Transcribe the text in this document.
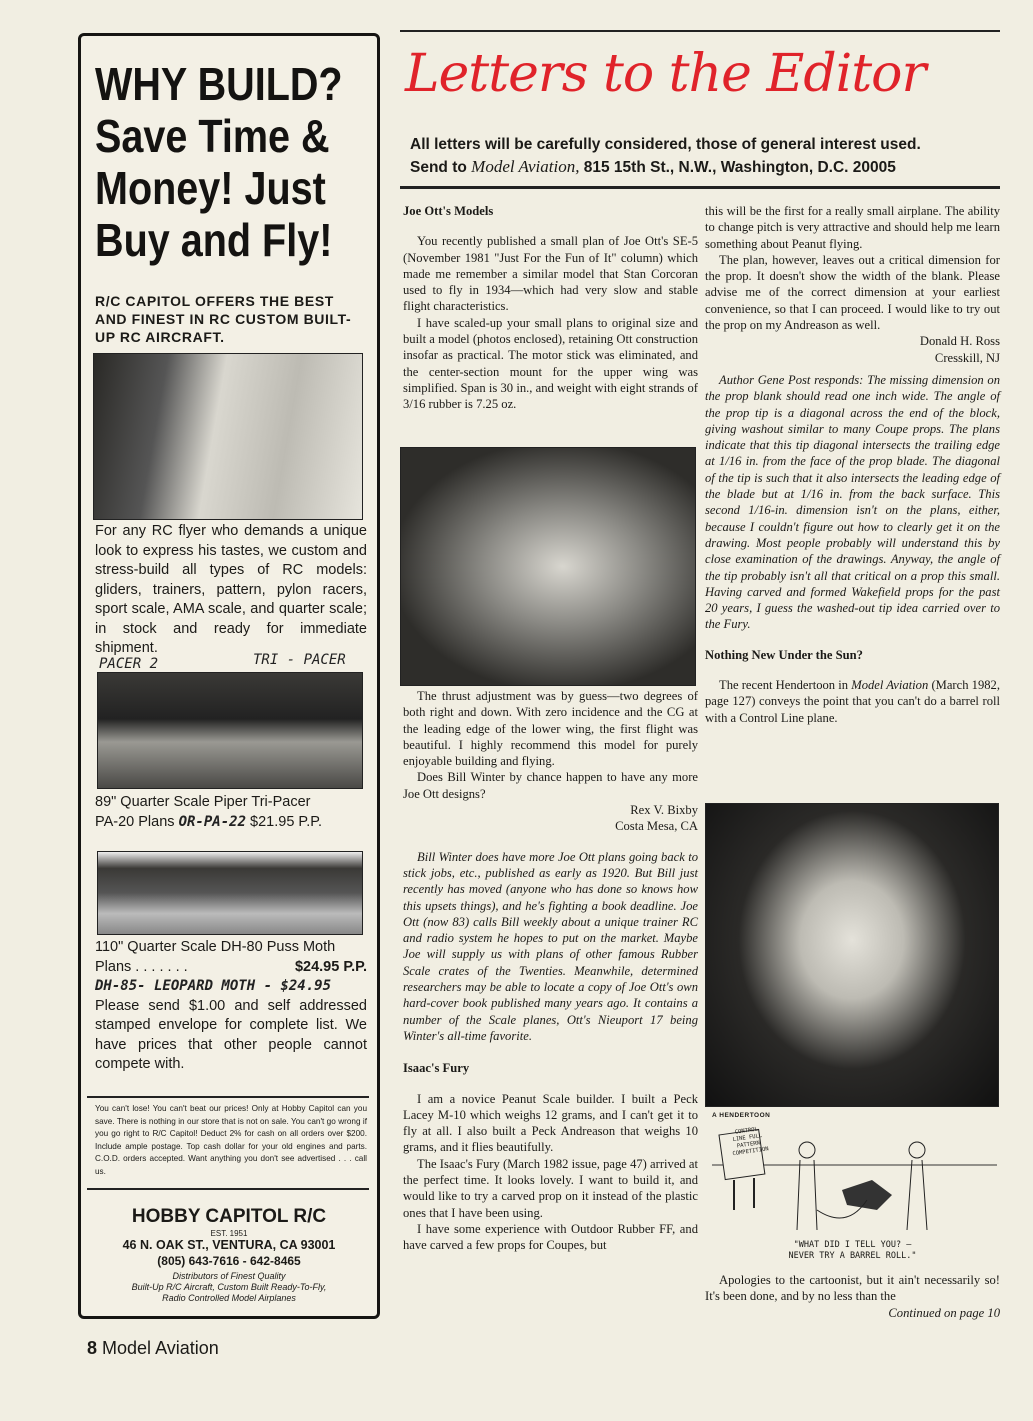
WHY BUILD?
Save Time &
Money! Just
Buy and Fly!
R/C CAPITOL OFFERS THE BEST AND FINEST IN RC CUSTOM BUILT-UP RC AIRCRAFT.
For any RC flyer who demands a unique look to express his tastes, we custom and stress-build all types of RC models: gliders, trainers, pattern, pylon racers, sport scale, AMA scale, and quarter scale; in stock and ready for immediate shipment.
PACER 2	TRI - PACER
89" Quarter Scale Piper Tri-Pacer
PA-20 Plans OR-PA-22 $21.95 P.P.
110" Quarter Scale DH-80 Puss Moth
Plans . . . . . . .	$24.95 P.P.
DH-85- LEOPARD MOTH - $24.95
Please send $1.00 and self addressed stamped envelope for complete list. We have prices that other people cannot compete with.
You can't lose! You can't beat our prices! Only at Hobby Capitol can you save. There is nothing in our store that is not on sale. You can't go wrong if you go right to R/C Capitol! Deduct 2% for cash on all orders over $200. Include ample postage. Top cash dollar for your old engines and parts. C.O.D. orders accepted. Want anything you don't see advertised . . . call us.
HOBBY CAPITOL R/C
EST. 1951
46 N. OAK ST., VENTURA, CA 93001
(805) 643-7616 - 642-8465
Distributors of Finest Quality
Built-Up R/C Aircraft, Custom Built Ready-To-Fly,
Radio Controlled Model Airplanes
8 Model Aviation
Letters to the Editor
All letters will be carefully considered, those of general interest used.
Send to Model Aviation, 815 15th St., N.W., Washington, D.C. 20005
Joe Ott's Models

You recently published a small plan of Joe Ott's SE-5 (November 1981 "Just For the Fun of It" column) which made me remember a similar model that Stan Corcoran used to fly in 1934—which had very slow and stable flight characteristics.

I have scaled-up your small plans to original size and built a model (photos enclosed), retaining Ott construction insofar as practical. The motor stick was eliminated, and the center-section mount for the upper wing was simplified. Span is 30 in., and weight with eight strands of 3/16 rubber is 7.25 oz.

The thrust adjustment was by guess—two degrees of both right and down. With zero incidence and the CG at the leading edge of the lower wing, the first flight was beautiful. I highly recommend this model for purely enjoyable building and flying.

Does Bill Winter by chance happen to have any more Joe Ott designs?

Rex V. Bixby
Costa Mesa, CA

Bill Winter does have more Joe Ott plans going back to stick jobs, etc., published as early as 1920. But Bill just recently has moved (anyone who has done so knows how this upsets things), and he's fighting a book deadline. Joe Ott (now 83) calls Bill weekly about a unique trainer RC and radio system he hopes to put on the market. Maybe Joe will supply us with plans of other famous Rubber Scale crates of the Twenties. Meanwhile, determined researchers may be able to locate a copy of Joe Ott's own hard-cover book published many years ago. It contains a number of the Scale planes, Ott's Nieuport 17 being Winter's all-time favorite.

Isaac's Fury

I am a novice Peanut Scale builder. I built a Peck Lacey M-10 which weighs 12 grams, and I can't get it to fly at all. I also built a Peck Andreason that weighs 10 grams, and it flies beautifully.

The Isaac's Fury (March 1982 issue, page 47) arrived at the perfect time. It looks lovely. I want to build it, and would like to try a carved prop on it instead of the plastic ones that I have been using.

I have some experience with Outdoor Rubber FF, and have carved a few props for Coupes, but

this will be the first for a really small airplane. The ability to change pitch is very attractive and should help me learn something about Peanut flying.

The plan, however, leaves out a critical dimension for the prop. It doesn't show the width of the blank. Please advise me of the correct dimension at your earliest convenience, so that I can proceed. I would like to try out the prop on my Andreason as well.

Donald H. Ross
Cresskill, NJ

Author Gene Post responds: The missing dimension on the prop blank should read one inch wide. The angle of the prop tip is a diagonal across the end of the block, giving washout similar to many Coupe props. The plans indicate that this tip diagonal intersects the trailing edge at 1/16 in. from the face of the prop blade. The diagonal of the tip is such that it also intersects the leading edge of the blade but at 1/16 in. from the back surface. This second 1/16-in. dimension isn't on the plans, either, because I couldn't figure out how to clearly get it on the drawing. Most people probably will understand this by close examination of the drawings. Anyway, the angle of the tip probably isn't all that critical on a prop this small. Having carved and formed Wakefield props for the past 20 years, I guess the washed-out tip idea carried over to the Fury.

Nothing New Under the Sun?

The recent Hendertoon in Model Aviation (March 1982, page 127) conveys the point that you can't do a barrel roll with a Control Line plane.

A HENDERTOON
CONTROL LINE FULL PATTERN COMPETITION
"WHAT DID I TELL YOU? —
NEVER TRY A BARREL ROLL."

Apologies to the cartoonist, but it ain't necessarily so! It's been done, and by no less than the

Continued on page 10
